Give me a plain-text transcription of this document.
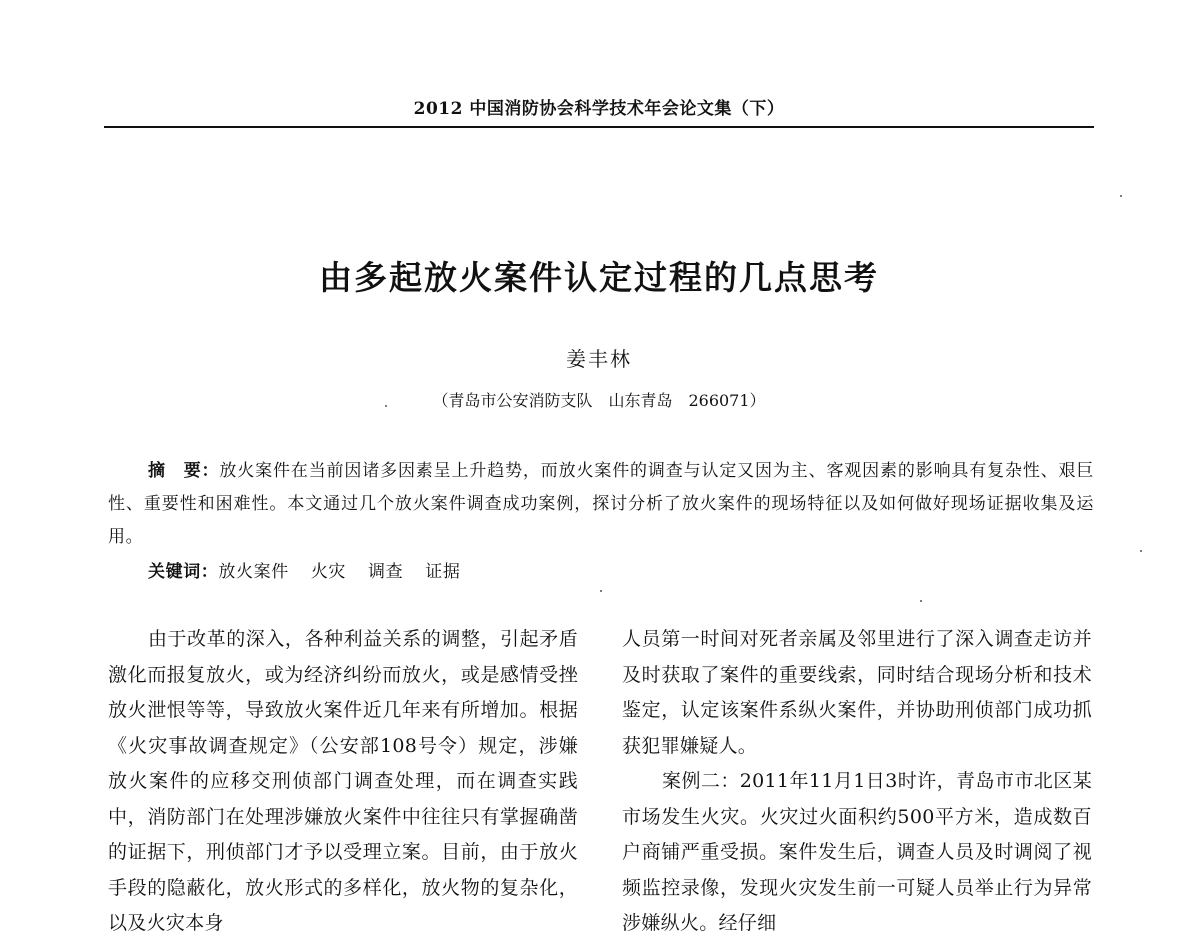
2012 中国消防协会科学技术年会论文集（下）
由多起放火案件认定过程的几点思考
姜丰林
（青岛市公安消防支队　山东青岛　266071）
摘　要：放火案件在当前因诸多因素呈上升趋势，而放火案件的调查与认定又因为主、客观因素的影响具有复杂性、艰巨性、重要性和困难性。本文通过几个放火案件调查成功案例，探讨分析了放火案件的现场特征以及如何做好现场证据收集及运用。
关键词：放火案件 火灾 调查 证据

由于改革的深入，各种利益关系的调整，引起矛盾激化而报复放火，或为经济纠纷而放火，或是感情受挫放火泄恨等等，导致放火案件近几年来有所增加。根据《火灾事故调查规定》（公安部108号令）规定，涉嫌放火案件的应移交刑侦部门调查处理，而在调查实践中，消防部门在处理涉嫌放火案件中往往只有掌握确凿的证据下，刑侦部门才予以受理立案。目前，由于放火手段的隐蔽化，放火形式的多样化，放火物的复杂化，以及火灾本身

人员第一时间对死者亲属及邻里进行了深入调查走访并及时获取了案件的重要线索，同时结合现场分析和技术鉴定，认定该案件系纵火案件，并协助刑侦部门成功抓获犯罪嫌疑人。

案例二：2011年11月1日3时许，青岛市市北区某市场发生火灾。火灾过火面积约500平方米，造成数百户商铺严重受损。案件发生后，调查人员及时调阅了视频监控录像，发现火灾发生前一可疑人员举止行为异常涉嫌纵火。经仔细
